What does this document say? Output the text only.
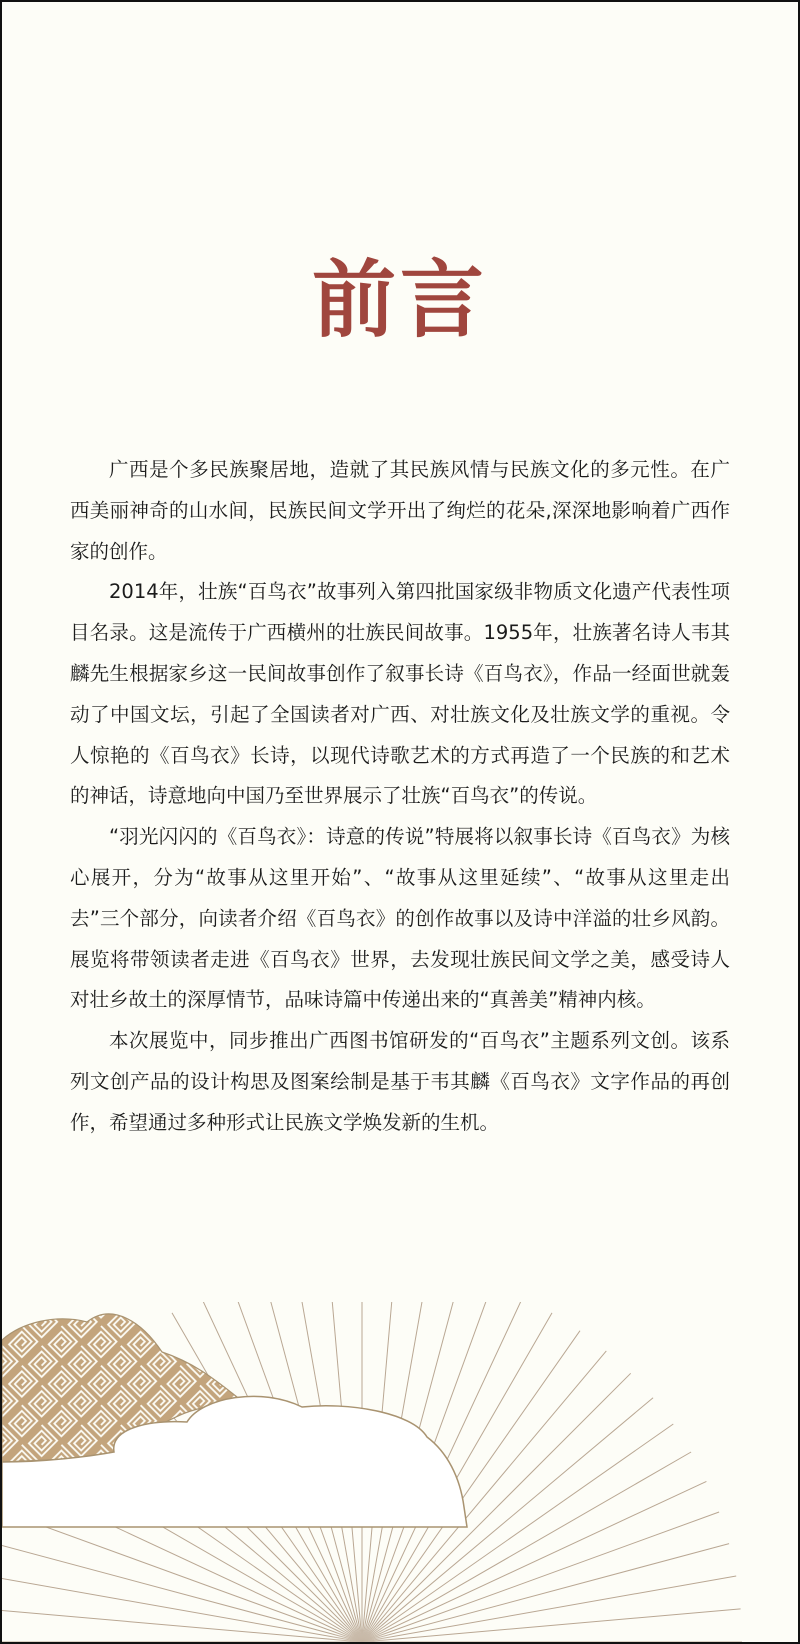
前言

广西是个多民族聚居地，造就了其民族风情与民族文化的多元性。在广西美丽神奇的山水间，民族民间文学开出了绚烂的花朵,深深地影响着广西作家的创作。

2014年，壮族“百鸟衣”故事列入第四批国家级非物质文化遗产代表性项目名录。这是流传于广西横州的壮族民间故事。1955年，壮族著名诗人韦其麟先生根据家乡这一民间故事创作了叙事长诗《百鸟衣》，作品一经面世就轰动了中国文坛，引起了全国读者对广西、对壮族文化及壮族文学的重视。令人惊艳的《百鸟衣》长诗，以现代诗歌艺术的方式再造了一个民族的和艺术的神话，诗意地向中国乃至世界展示了壮族“百鸟衣”的传说。

“羽光闪闪的《百鸟衣》：诗意的传说”特展将以叙事长诗《百鸟衣》为核心展开，分为“故事从这里开始”、“故事从这里延续”、“故事从这里走出去”三个部分，向读者介绍《百鸟衣》的创作故事以及诗中洋溢的壮乡风韵。展览将带领读者走进《百鸟衣》世界，去发现壮族民间文学之美，感受诗人对壮乡故土的深厚情节，品味诗篇中传递出来的“真善美”精神内核。

本次展览中，同步推出广西图书馆研发的“百鸟衣”主题系列文创。该系列文创产品的设计构思及图案绘制是基于韦其麟《百鸟衣》文字作品的再创作，希望通过多种形式让民族文学焕发新的生机。
